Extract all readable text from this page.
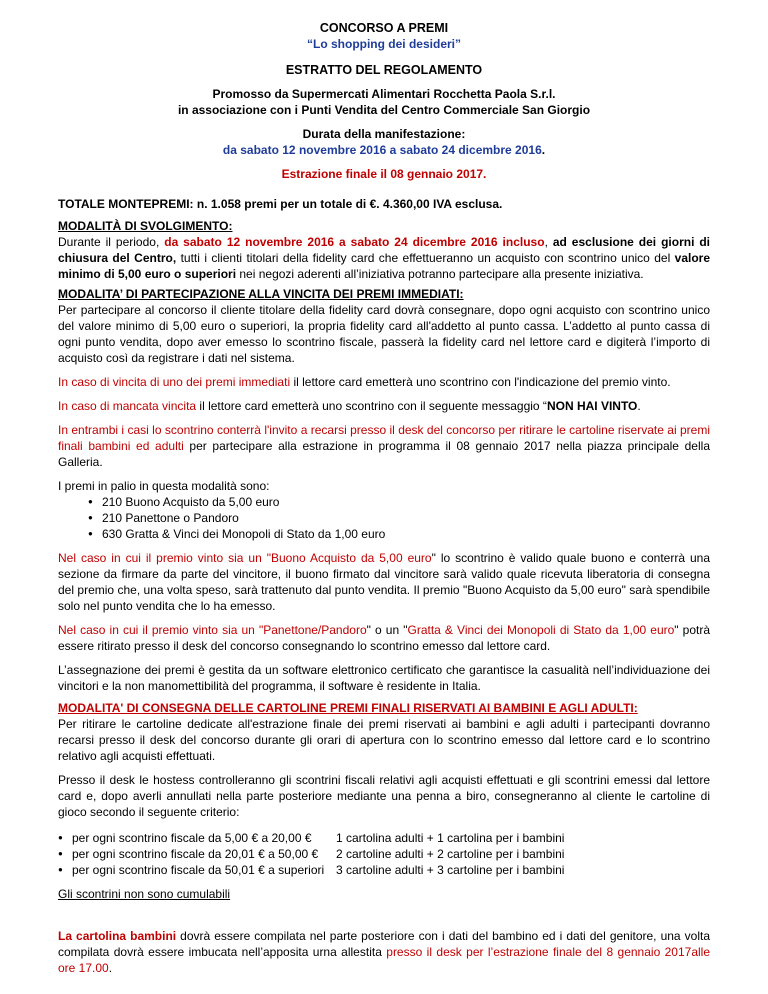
CONCORSO A PREMI
“Lo shopping dei desideri”
ESTRATTO DEL REGOLAMENTO
Promosso da Supermercati Alimentari Rocchetta Paola S.r.l.
in associazione con i Punti Vendita del Centro Commerciale San Giorgio
Durata della manifestazione:
da sabato 12 novembre 2016 a sabato 24 dicembre 2016.
Estrazione finale il 08 gennaio 2017.
TOTALE MONTEPREMI: n. 1.058 premi per un totale di €. 4.360,00 IVA esclusa.
MODALITÀ DI SVOLGIMENTO:

Durante il periodo, da sabato 12 novembre 2016 a sabato 24 dicembre 2016 incluso, ad esclusione dei giorni di chiusura del Centro, tutti i clienti titolari della fidelity card che effettueranno un acquisto con scontrino unico del valore minimo di 5,00 euro o superiori nei negozi aderenti all’iniziativa potranno partecipare alla presente iniziativa.

MODALITA’ DI PARTECIPAZIONE ALLA VINCITA DEI PREMI IMMEDIATI:

Per partecipare al concorso il cliente titolare della fidelity card dovrà consegnare, dopo ogni acquisto con scontrino unico del valore minimo di 5,00 euro o superiori, la propria fidelity card all'addetto al punto cassa. L’addetto al punto cassa di ogni punto vendita, dopo aver emesso lo scontrino fiscale, passerà la fidelity card nel lettore card e digiterà l’importo di acquisto così da registrare i dati nel sistema.

In caso di vincita di uno dei premi immediati il lettore card emetterà uno scontrino con l'indicazione del premio vinto.

In caso di mancata vincita il lettore card emetterà uno scontrino con il seguente messaggio “NON HAI VINTO.

In entrambi i casi lo scontrino conterrà l'invito a recarsi presso il desk del concorso per ritirare le cartoline riservate ai premi finali bambini ed adulti per partecipare alla estrazione in programma il 08 gennaio 2017 nella piazza principale della Galleria.

I premi in palio in questa modalità sono:

● 210 Buono Acquisto da 5,00 euro
● 210 Panettone o Pandoro
● 630 Gratta & Vinci dei Monopoli di Stato da 1,00 euro

Nel caso in cui il premio vinto sia un "Buono Acquisto da 5,00 euro" lo scontrino è valido quale buono e conterrà una sezione da firmare da parte del vincitore, il buono firmato dal vincitore sarà valido quale ricevuta liberatoria di consegna del premio che, una volta speso, sarà trattenuto dal punto vendita. Il premio "Buono Acquisto da 5,00 euro" sarà spendibile solo nel punto vendita che lo ha emesso.

Nel caso in cui il premio vinto sia un "Panettone/Pandoro" o un "Gratta & Vinci dei Monopoli di Stato da 1,00 euro" potrà essere ritirato presso il desk del concorso consegnando lo scontrino emesso dal lettore card.

L’assegnazione dei premi è gestita da un software elettronico certificato che garantisce la casualità nell’individuazione dei vincitori e la non manomettibilità del programma, il software è residente in Italia.

MODALITA' DI CONSEGNA DELLE CARTOLINE PREMI FINALI RISERVATI AI BAMBINI E AGLI ADULTI:

Per ritirare le cartoline dedicate all'estrazione finale dei premi riservati ai bambini e agli adulti i partecipanti dovranno recarsi presso il desk del concorso durante gli orari di apertura con lo scontrino emesso dal lettore card e lo scontrino relativo agli acquisti effettuati.

Presso il desk le hostess controlleranno gli scontrini fiscali relativi agli acquisti effettuati e gli scontrini emessi dal lettore card e, dopo averli annullati nella parte posteriore mediante una penna a biro, consegneranno al cliente le cartoline di gioco secondo il seguente criterio:

● per ogni scontrino fiscale da 5,00 € a 20,00 €	1 cartolina adulti + 1 cartolina per i bambini
● per ogni scontrino fiscale da 20,01 € a 50,00 €	2 cartoline adulti + 2 cartoline per i bambini
● per ogni scontrino fiscale da 50,01 € a superiori 3 cartoline adulti + 3 cartoline per i bambini

Gli scontrini non sono cumulabili

La cartolina bambini dovrà essere compilata nel parte posteriore con i dati del bambino ed i dati del genitore, una volta compilata dovrà essere imbucata nell’apposita urna allestita presso il desk per l’estrazione finale del 8 gennaio 2017alle ore 17.00.
